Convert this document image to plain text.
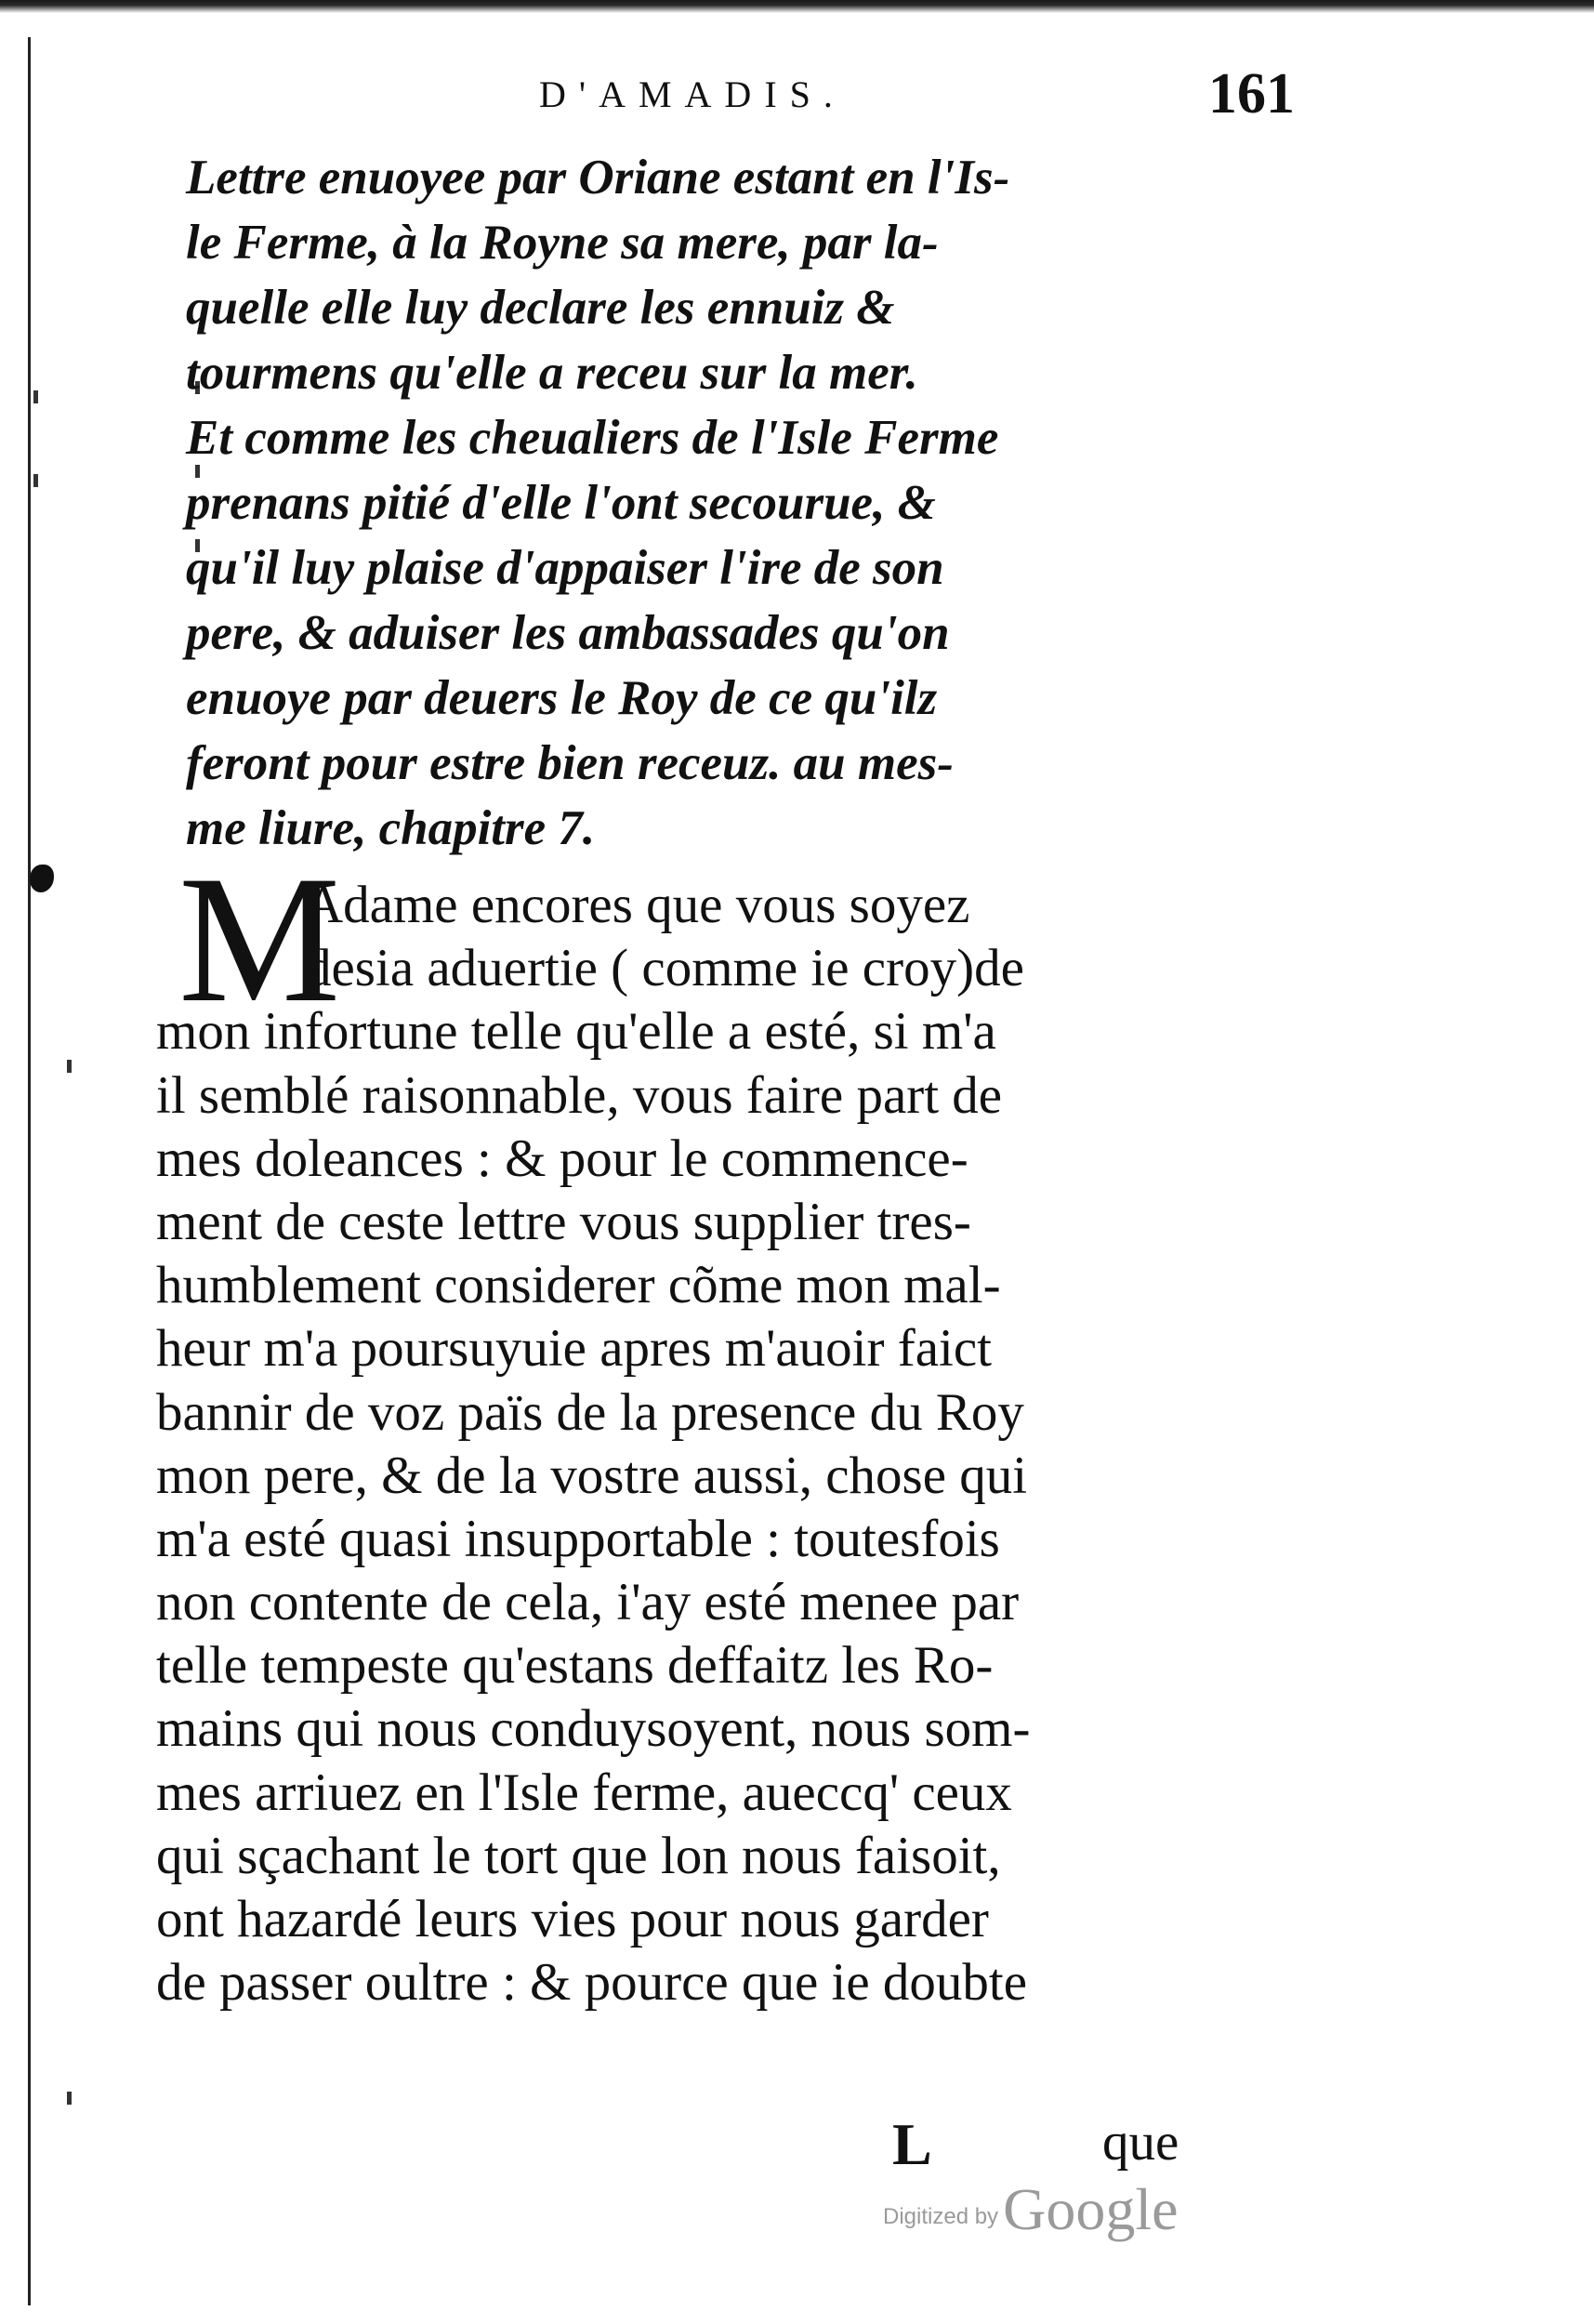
D'AMADIS.	161
Lettre enuoyee par Oriane estant en l'Is-
le Ferme, à la Royne sa mere, par la-
quelle elle luy declare les ennuiz &
tourmens qu'elle a receu sur la mer.
Et comme les cheualiers de l'Isle Ferme
prenans pitié d'elle l'ont secourue, &
qu'il luy plaise d'appaiser l'ire de son
pere, & aduiser les ambassades qu'on
enuoye par deuers le Roy de ce qu'ilz
feront pour estre bien receuz. au mes-
me liure, chapitre 7.
M
Adame encores que vous soyez
desia aduertie ( comme ie croy)de
mon infortune telle qu'elle a esté, si m'a
il semblé raisonnable, vous faire part de
mes doleances : & pour le commence-
ment de ceste lettre vous supplier tres-
humblement considerer cõme mon mal-
heur m'a poursuyuie apres m'auoir faict
bannir de voz païs de la presence du Roy
mon pere, & de la vostre aussi, chose qui
m'a esté quasi insupportable : toutesfois
non contente de cela, i'ay esté menee par
telle tempeste qu'estans deffaitz les Ro-
mains qui nous conduysoyent, nous som-
mes arriuez en l'Isle ferme, aueccq' ceux
qui sçachant le tort que lon nous faisoit,
ont hazardé leurs vies pour nous garder
de passer oultre : & pource que ie doubte
L	que
Digitized by Google
